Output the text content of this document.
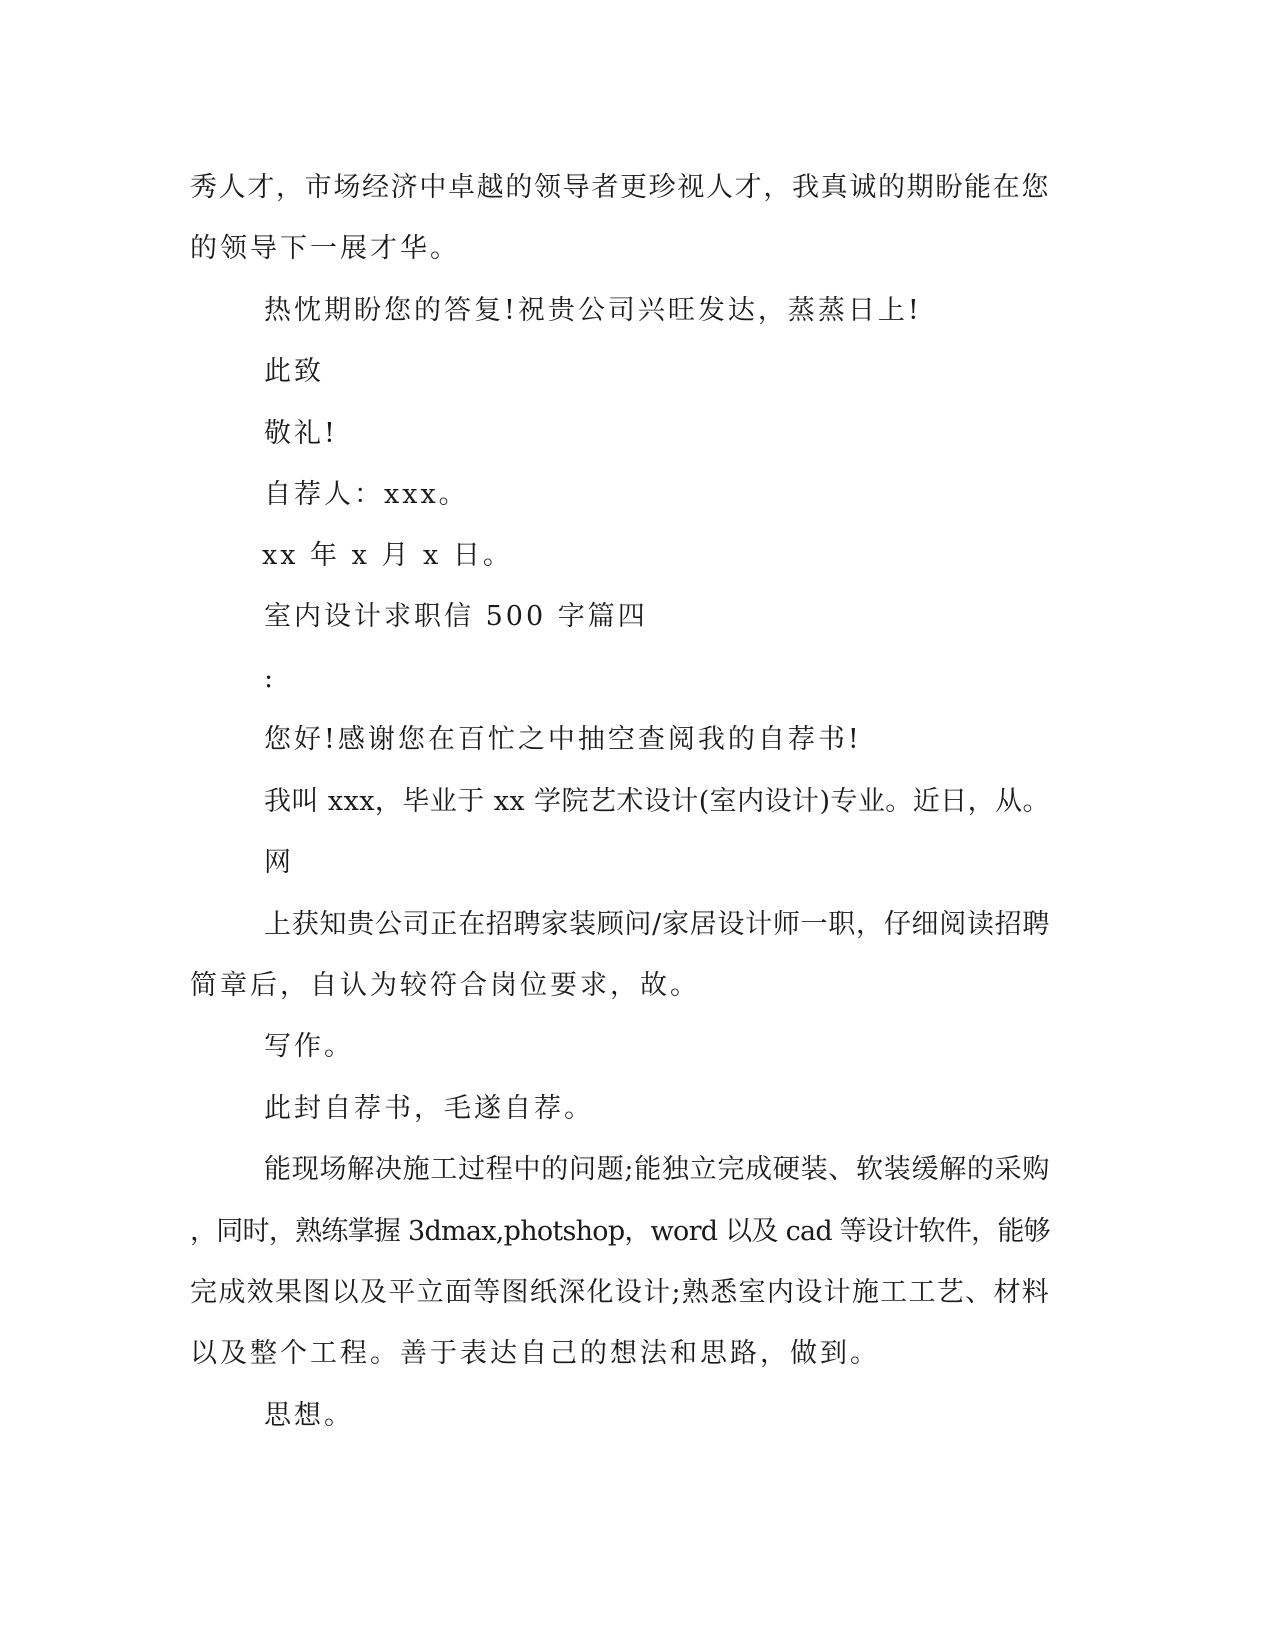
秀人才，市场经济中卓越的领导者更珍视人才，我真诚的期盼能在您
的领导下一展才华。
热忱期盼您的答复!祝贵公司兴旺发达，蒸蒸日上!
此致
敬礼!
自荐人：xxx。
xx 年 x 月 x 日。
室内设计求职信 500 字篇四
:
您好!感谢您在百忙之中抽空查阅我的自荐书!
我叫 xxx，毕业于 xx 学院艺术设计(室内设计)专业。近日，从。
网
上获知贵公司正在招聘家装顾问/家居设计师一职，仔细阅读招聘
简章后，自认为较符合岗位要求，故。
写作。
此封自荐书，毛遂自荐。
能现场解决施工过程中的问题;能独立完成硬装、软装缓解的采购
，同时，熟练掌握 3dmax,photshop，word 以及 cad 等设计软件，能够
完成效果图以及平立面等图纸深化设计;熟悉室内设计施工工艺、材料
以及整个工程。善于表达自己的想法和思路，做到。
思想。
